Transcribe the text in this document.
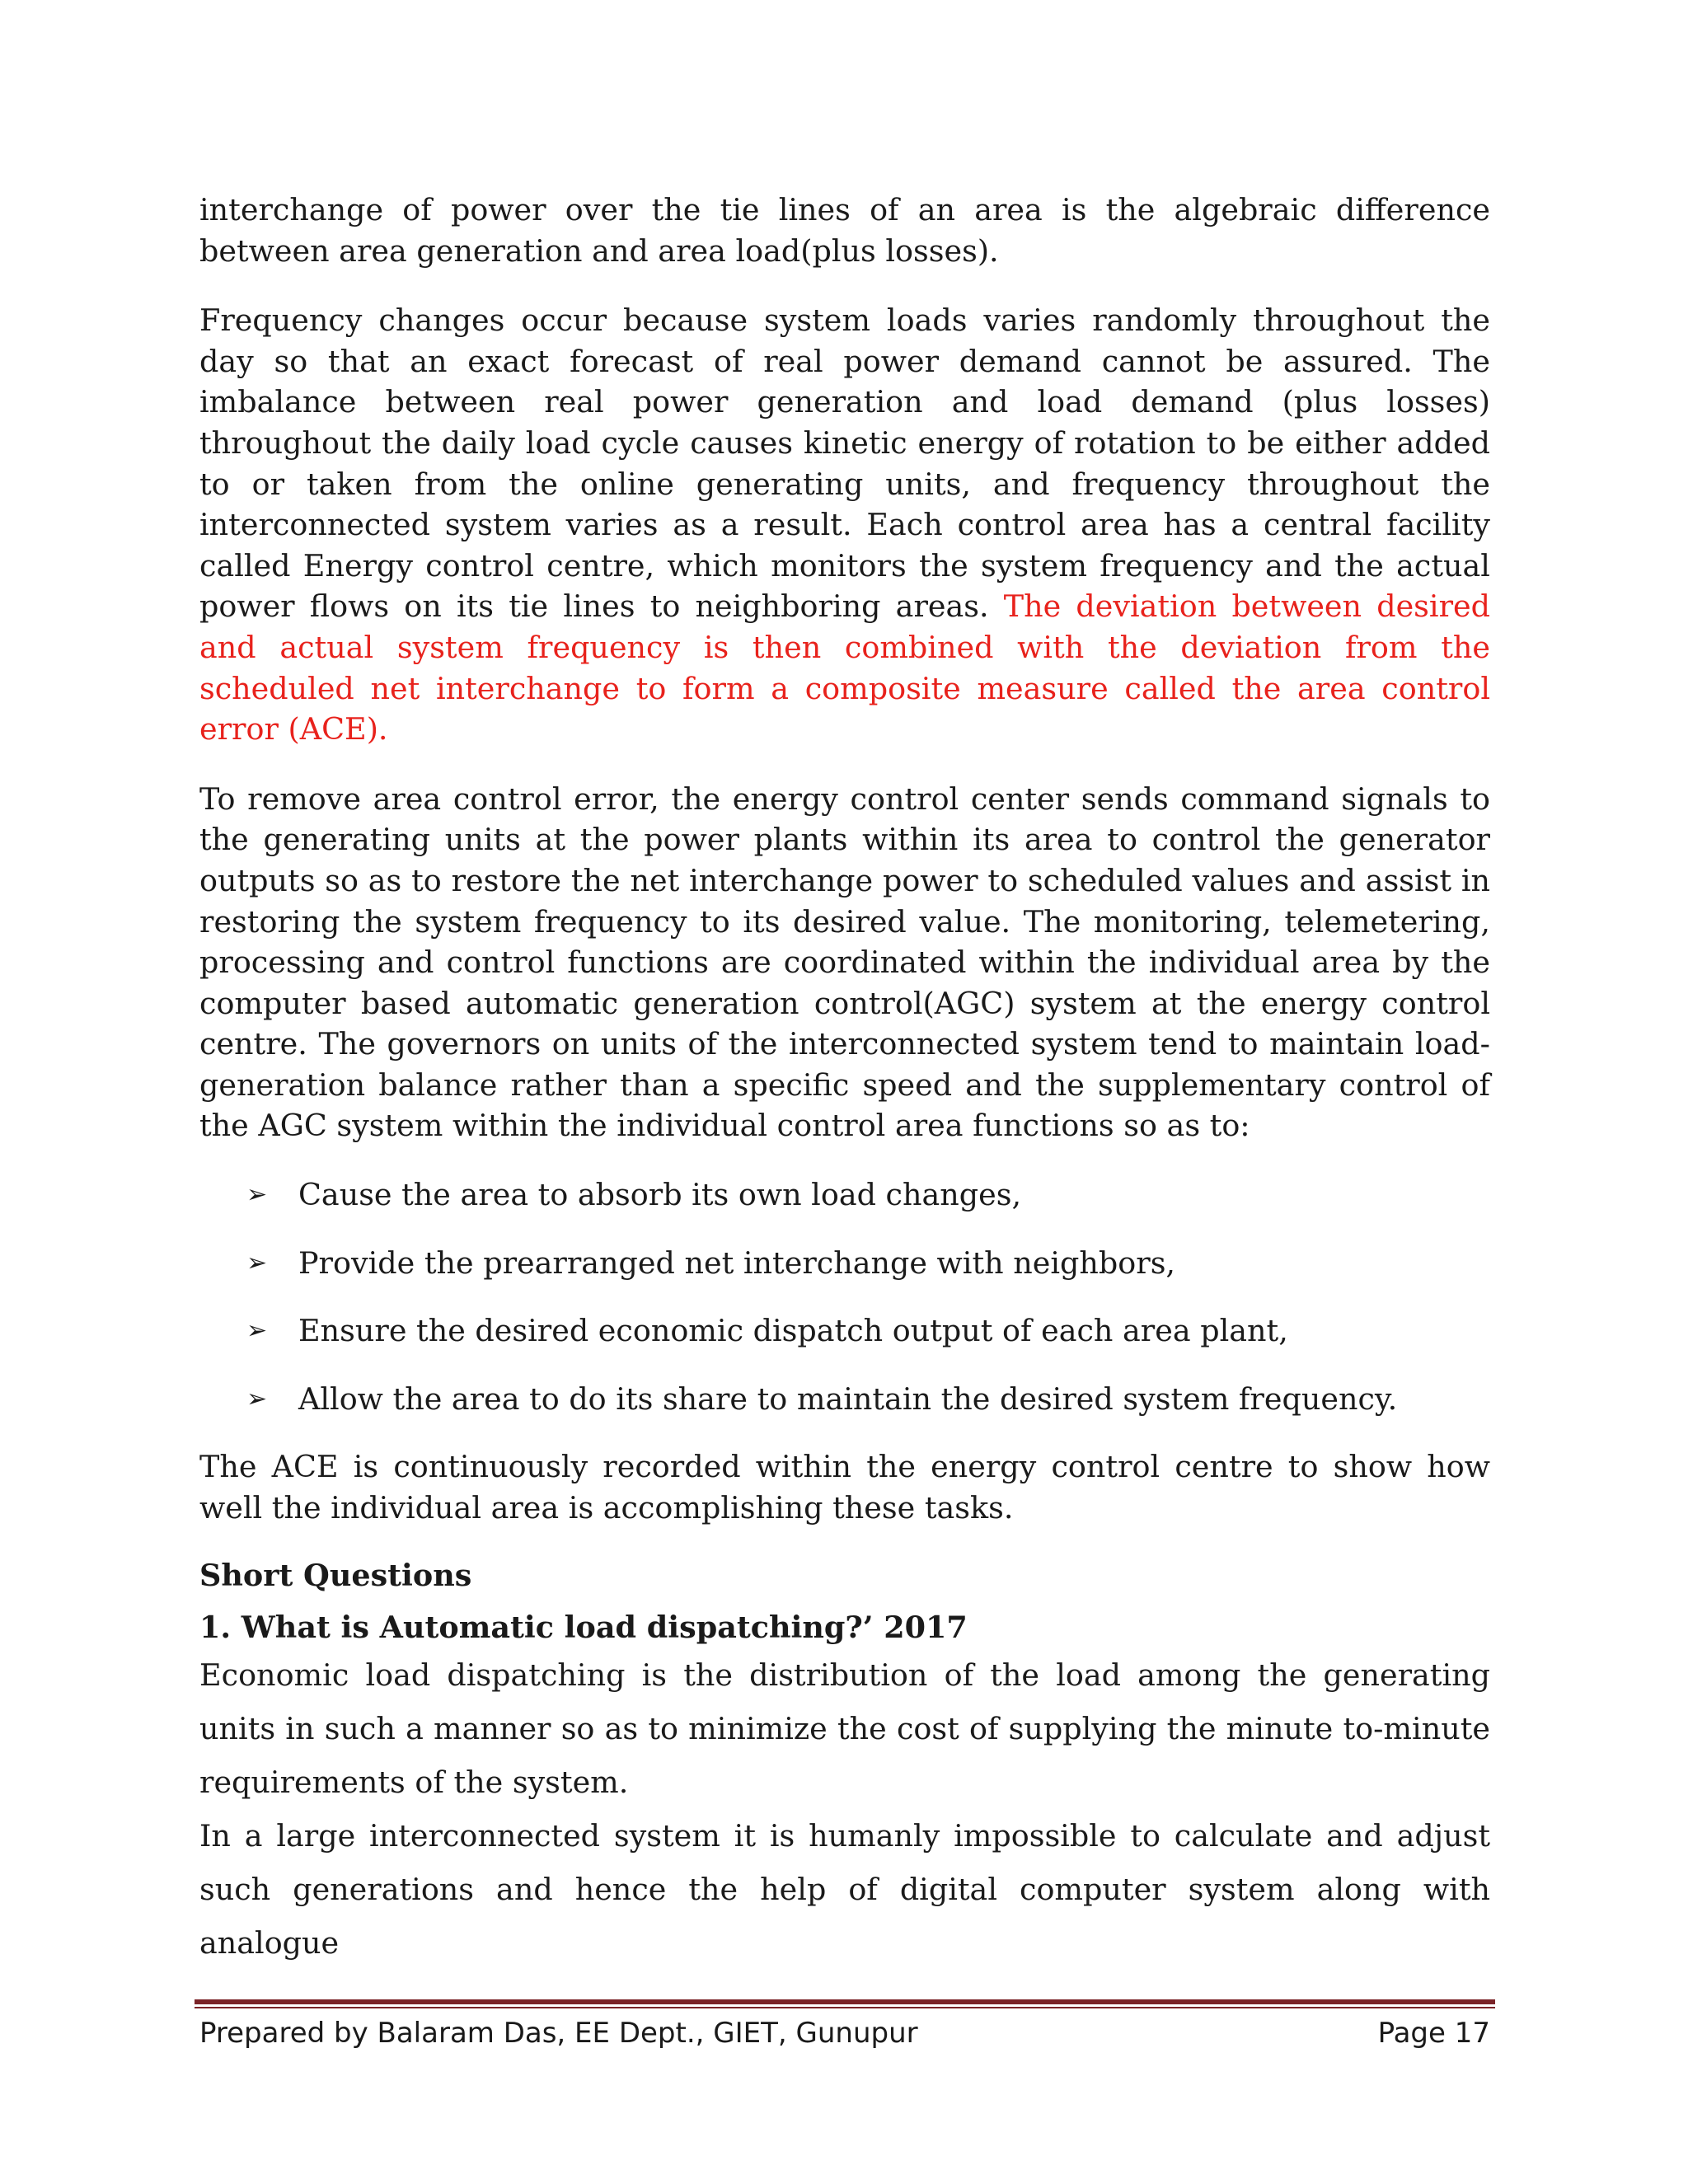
interchange of power over the tie lines of an area is the algebraic difference between area generation and area load(plus losses).

Frequency changes occur because system loads varies randomly throughout the day so that an exact forecast of real power demand cannot be assured. The imbalance between real power generation and load demand (plus losses) throughout the daily load cycle causes kinetic energy of rotation to be either added to or taken from the online generating units, and frequency throughout the interconnected system varies as a result. Each control area has a central facility called Energy control centre, which monitors the system frequency and the actual power flows on its tie lines to neighboring areas. The deviation between desired and actual system frequency is then combined with the deviation from the scheduled net interchange to form a composite measure called the area control error (ACE).

To remove area control error, the energy control center sends command signals to the generating units at the power plants within its area to control the generator outputs so as to restore the net interchange power to scheduled values and assist in restoring the system frequency to its desired value. The monitoring, telemetering, processing and control functions are coordinated within the individual area by the computer based automatic generation control(AGC) system at the energy control centre. The governors on units of the interconnected system tend to maintain load-generation balance rather than a specific speed and the supplementary control of the AGC system within the individual control area functions so as to:

➢ Cause the area to absorb its own load changes,
➢ Provide the prearranged net interchange with neighbors,
➢ Ensure the desired economic dispatch output of each area plant,
➢ Allow the area to do its share to maintain the desired system frequency.

The ACE is continuously recorded within the energy control centre to show how well the individual area is accomplishing these tasks.

Short Questions

1. What is Automatic load dispatching?’ 2017

Economic load dispatching is the distribution of the load among the generating units in such a manner so as to minimize the cost of supplying the minute to-minute requirements of the system.

In a large interconnected system it is humanly impossible to calculate and adjust such generations and hence the help of digital computer system along with analogue

Prepared by Balaram Das, EE Dept., GIET, Gunupur	Page 17
